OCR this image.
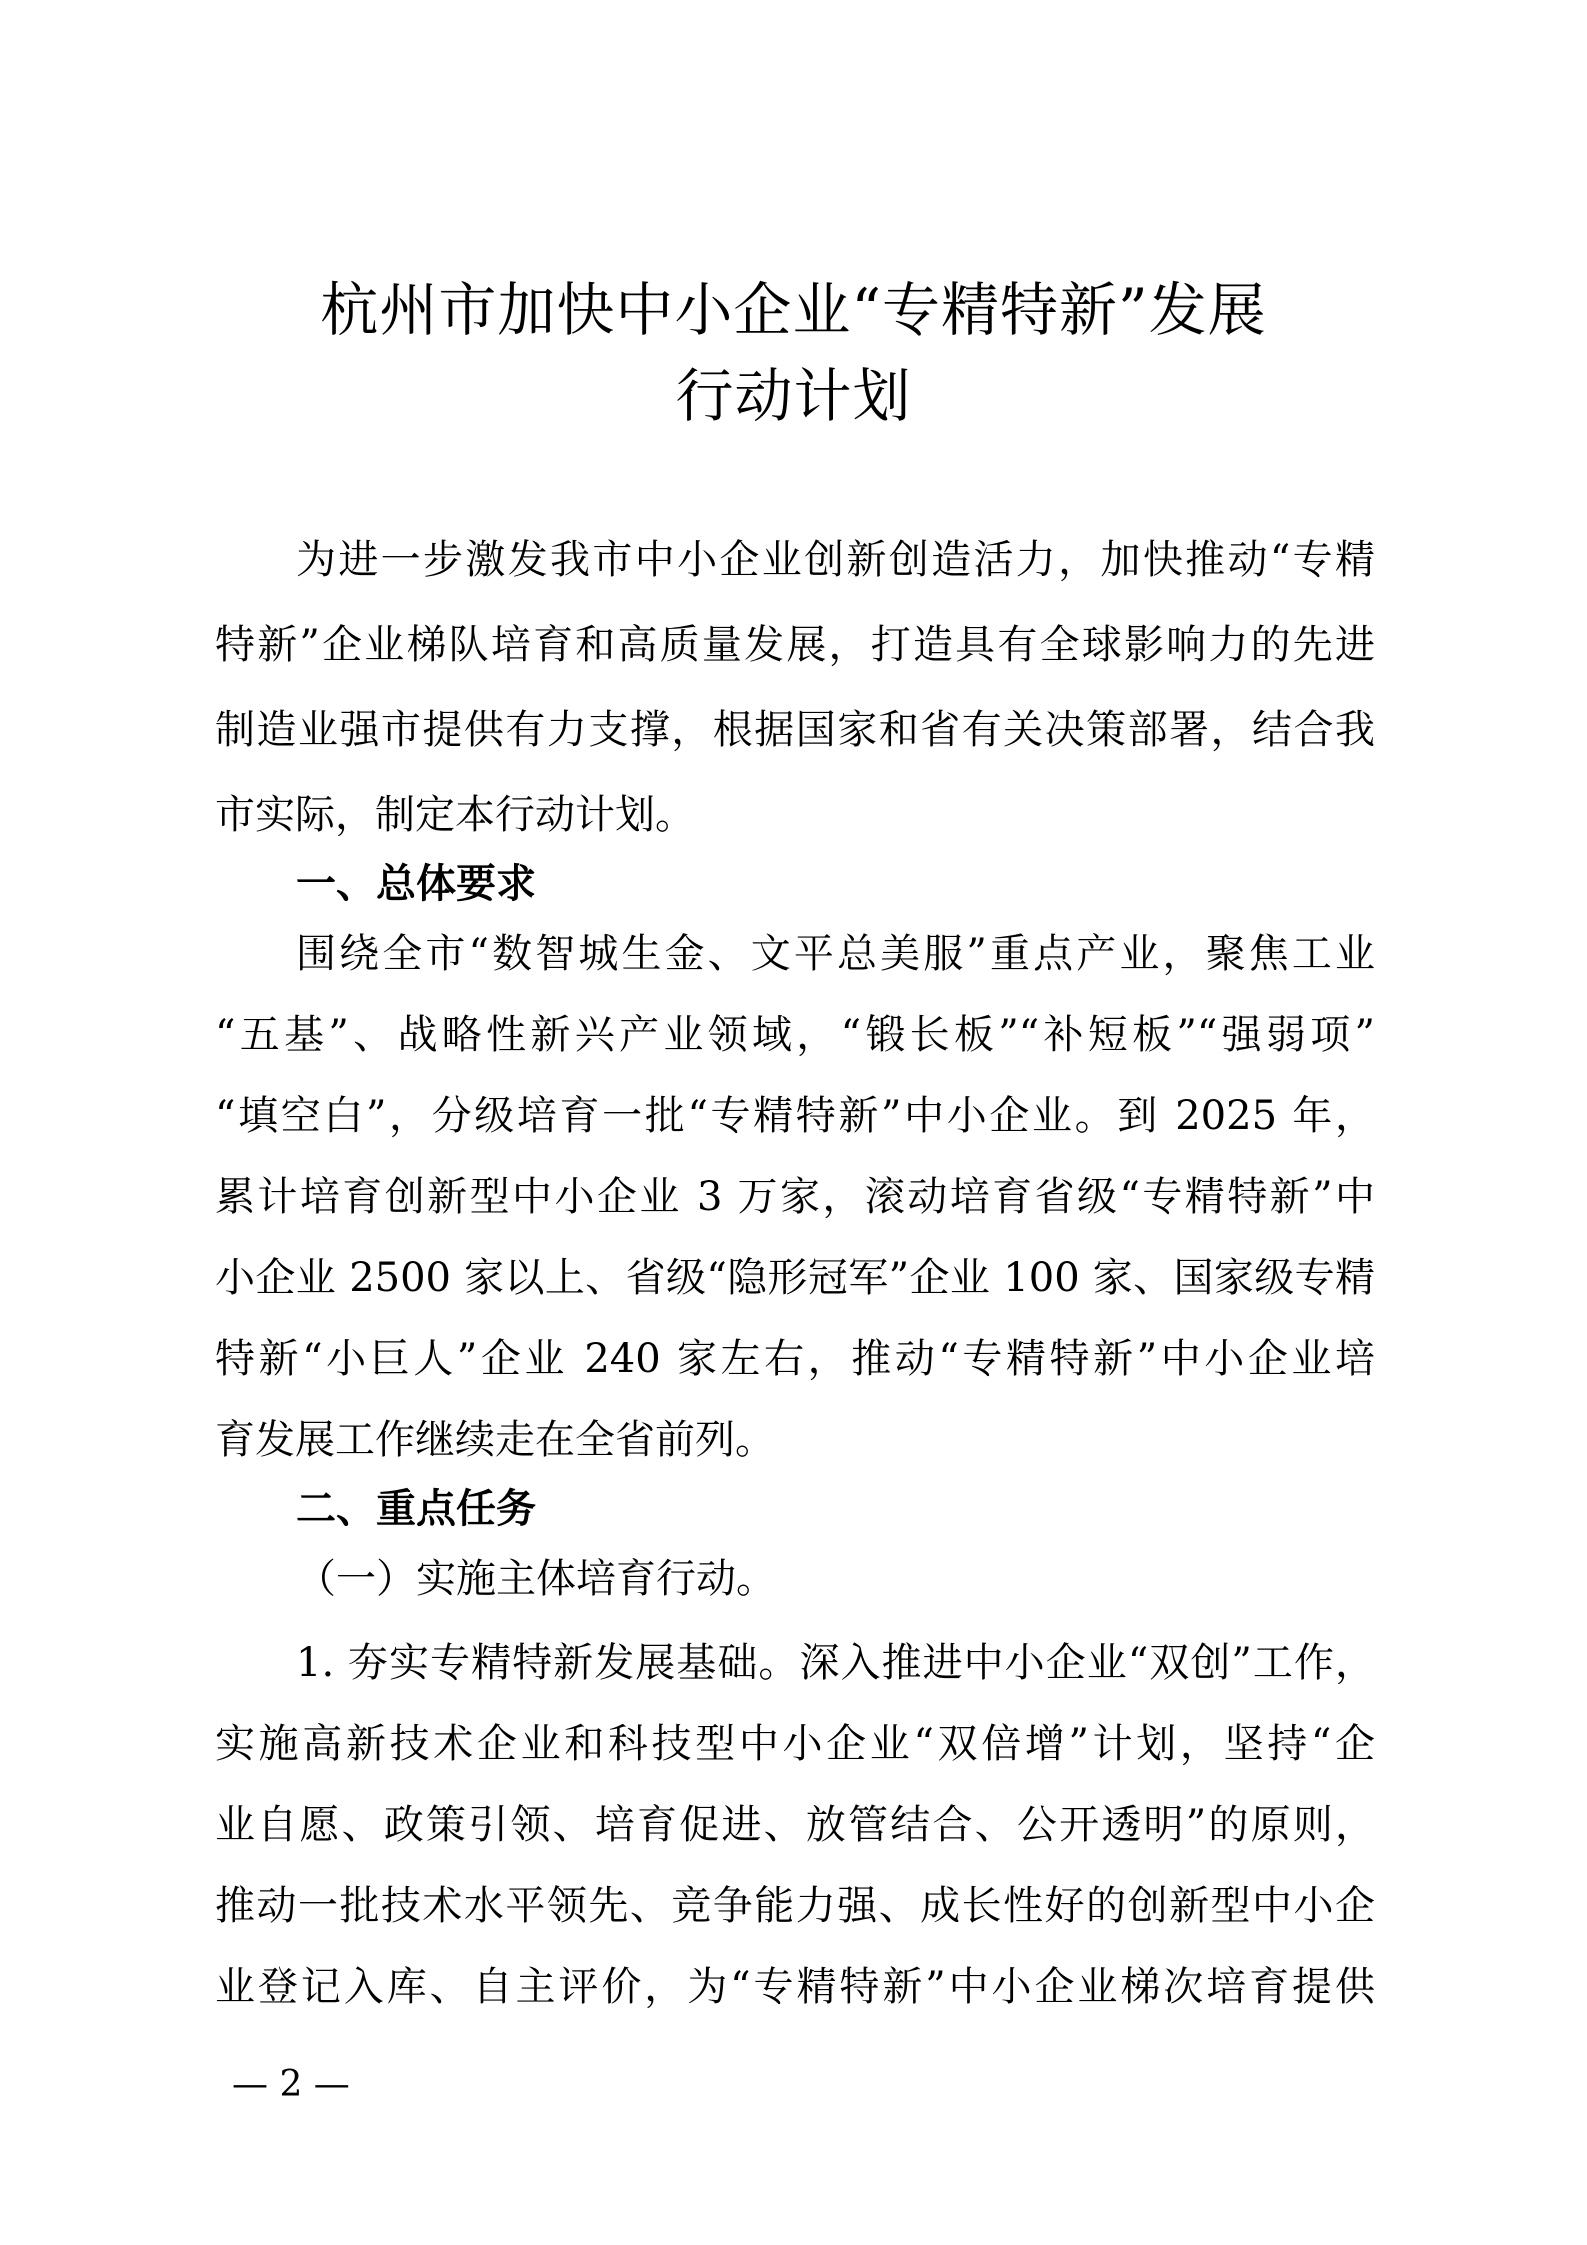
杭州市加快中小企业“专精特新”发展
行动计划
为进一步激发我市中小企业创新创造活力，加快推动“专精
特新”企业梯队培育和高质量发展，打造具有全球影响力的先进
制造业强市提供有力支撑，根据国家和省有关决策部署，结合我
市实际，制定本行动计划。
一、总体要求
围绕全市“数智城生金、文平总美服”重点产业，聚焦工业
“五基”、战略性新兴产业领域，“锻长板”“补短板”“强弱项”
“填空白”，分级培育一批“专精特新”中小企业。到 2025 年，
累计培育创新型中小企业 3 万家，滚动培育省级“专精特新”中
小企业 2500 家以上、省级“隐形冠军”企业 100 家、国家级专精
特新“小巨人”企业 240 家左右，推动“专精特新”中小企业培
育发展工作继续走在全省前列。
二、重点任务
（一）实施主体培育行动。
1. 夯实专精特新发展基础。深入推进中小企业“双创”工作，
实施高新技术企业和科技型中小企业“双倍增”计划，坚持“企
业自愿、政策引领、培育促进、放管结合、公开透明”的原则，
推动一批技术水平领先、竞争能力强、成长性好的创新型中小企
业登记入库、自主评价，为“专精特新”中小企业梯次培育提供
— 2 —
